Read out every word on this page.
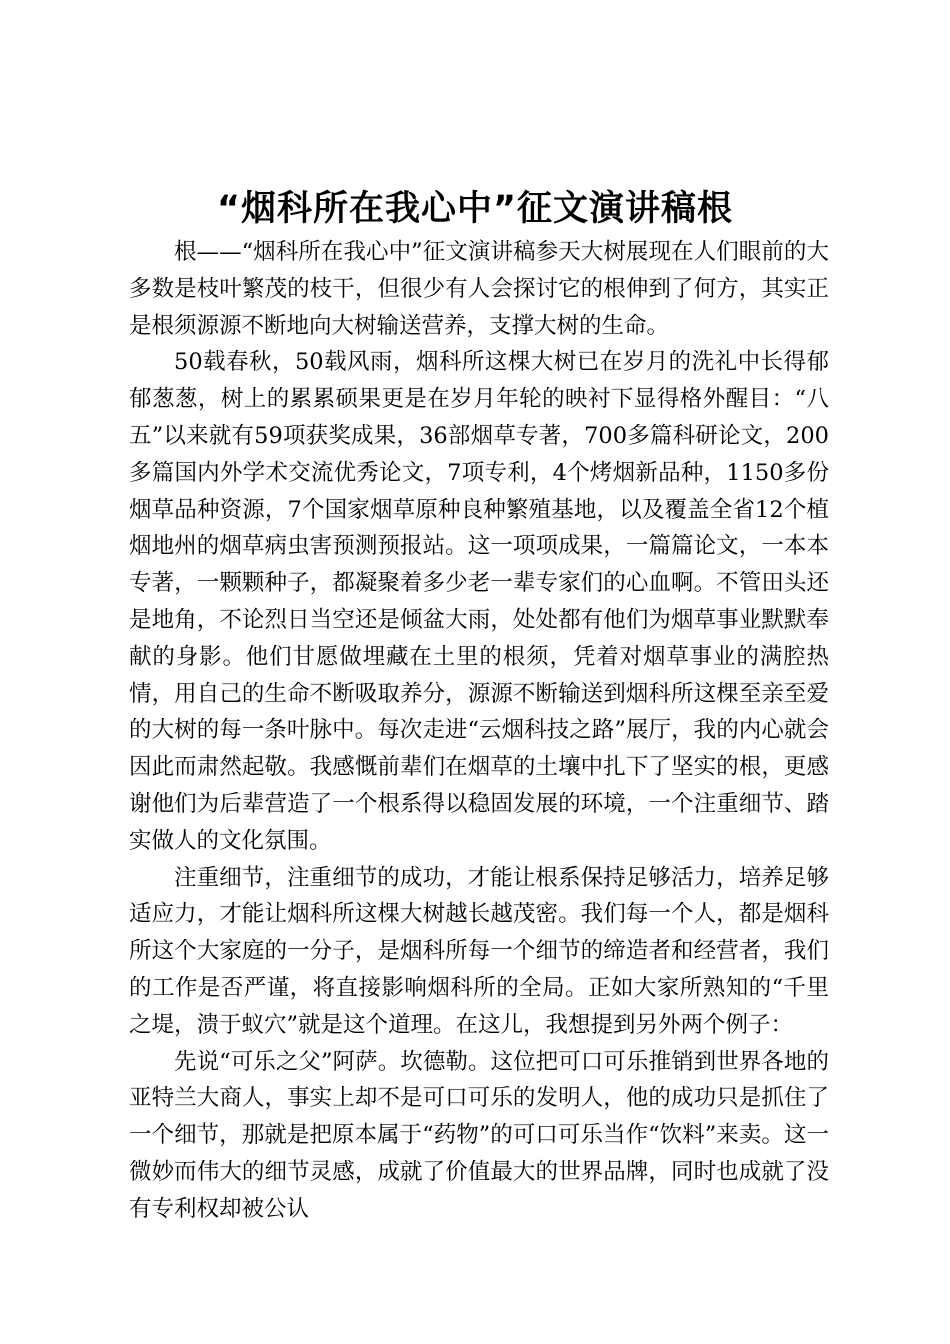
“烟科所在我心中”征文演讲稿根

根——“烟科所在我心中”征文演讲稿参天大树展现在人们眼前的大多数是枝叶繁茂的枝干，但很少有人会探讨它的根伸到了何方，其实正是根须源源不断地向大树输送营养，支撑大树的生命。

50载春秋，50载风雨，烟科所这棵大树已在岁月的洗礼中长得郁郁葱葱，树上的累累硕果更是在岁月年轮的映衬下显得格外醒目：“八五”以来就有59项获奖成果，36部烟草专著，700多篇科研论文，200多篇国内外学术交流优秀论文，7项专利，4个烤烟新品种，1150多份烟草品种资源，7个国家烟草原种良种繁殖基地，以及覆盖全省12个植烟地州的烟草病虫害预测预报站。这一项项成果，一篇篇论文，一本本专著，一颗颗种子，都凝聚着多少老一辈专家们的心血啊。不管田头还是地角，不论烈日当空还是倾盆大雨，处处都有他们为烟草事业默默奉献的身影。他们甘愿做埋藏在土里的根须，凭着对烟草事业的满腔热情，用自己的生命不断吸取养分，源源不断输送到烟科所这棵至亲至爱的大树的每一条叶脉中。每次走进“云烟科技之路”展厅，我的内心就会因此而肃然起敬。我感慨前辈们在烟草的土壤中扎下了坚实的根，更感谢他们为后辈营造了一个根系得以稳固发展的环境，一个注重细节、踏实做人的文化氛围。

注重细节，注重细节的成功，才能让根系保持足够活力，培养足够适应力，才能让烟科所这棵大树越长越茂密。我们每一个人，都是烟科所这个大家庭的一分子，是烟科所每一个细节的缔造者和经营者，我们的工作是否严谨，将直接影响烟科所的全局。正如大家所熟知的“千里之堤，溃于蚁穴”就是这个道理。在这儿，我想提到另外两个例子：

先说“可乐之父”阿萨。坎德勒。这位把可口可乐推销到世界各地的亚特兰大商人，事实上却不是可口可乐的发明人，他的成功只是抓住了一个细节，那就是把原本属于“药物”的可口可乐当作“饮料”来卖。这一微妙而伟大的细节灵感，成就了价值最大的世界品牌，同时也成就了没有专利权却被公认
